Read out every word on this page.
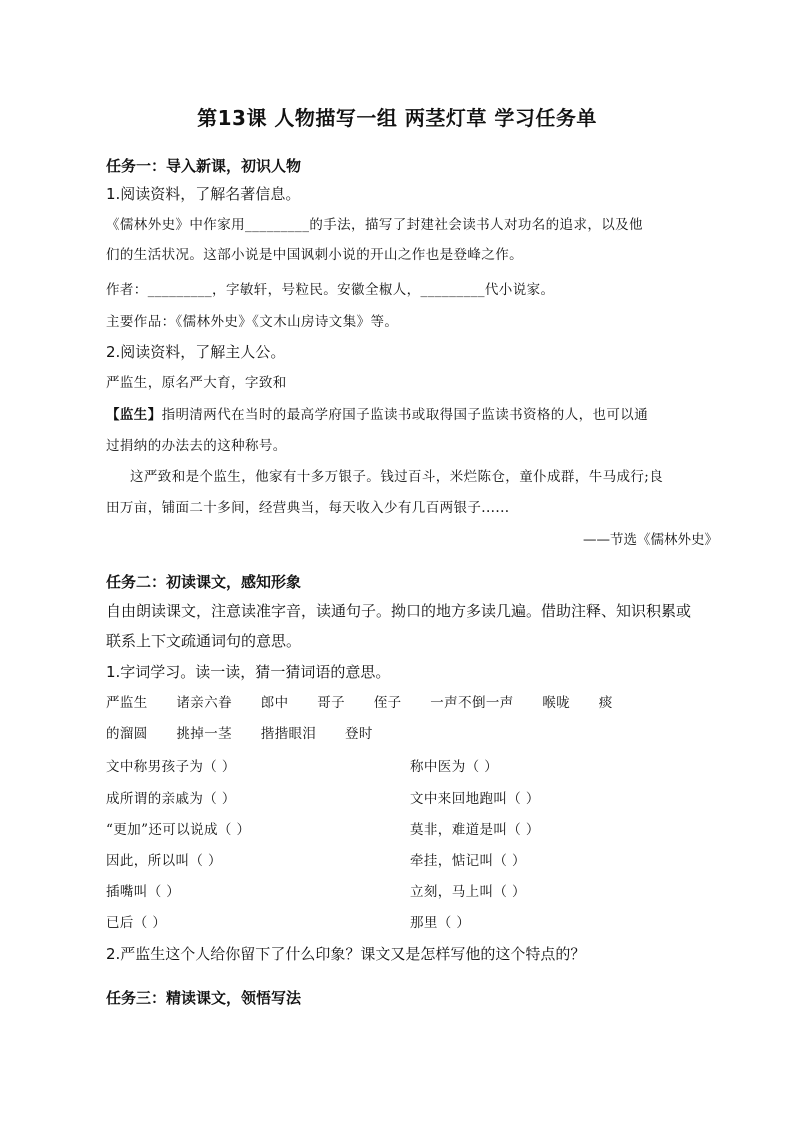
第13课 人物描写一组 两茎灯草 学习任务单
任务一：导入新课，初识人物
1.阅读资料，了解名著信息。
《儒林外史》中作家用_________的手法，描写了封建社会读书人对功名的追求，以及他
们的生活状况。这部小说是中国讽刺小说的开山之作也是登峰之作。
作者：_________，字敏轩，号粒民。安徽全椒人，_________代小说家。
主要作品：《儒林外史》《文木山房诗文集》等。
2.阅读资料，了解主人公。
严监生，原名严大育，字致和
【监生】指明清两代在当时的最高学府国子监读书或取得国子监读书资格的人，也可以通
过捐纳的办法去的这种称号。
这严致和是个监生，他家有十多万银子。钱过百斗，米烂陈仓，童仆成群，牛马成行;良
田万亩，铺面二十多间，经营典当，每天收入少有几百两银子......
——节选《儒林外史》
任务二：初读课文，感知形象
自由朗读课文，注意读准字音，读通句子。拗口的地方多读几遍。借助注释、知识积累或
联系上下文疏通词句的意思。
1.字词学习。读一读，猜一猜词语的意思。
严监生 诸亲六眷 郎中 哥子 侄子 一声不倒一声 喉咙 痰
的溜圆 挑掉一茎 揩揩眼泪 登时
文中称男孩子为（ ）
成所谓的亲戚为（ ）
“更加”还可以说成（ ）
因此，所以叫（ ）
插嘴叫（ ）
已后（ ）
称中医为（ ）
文中来回地跑叫（ ）
莫非，难道是叫（ ）
牵挂，惦记叫（ ）
立刻，马上叫（ ）
那里（ ）
2.严监生这个人给你留下了什么印象？课文又是怎样写他的这个特点的？
任务三：精读课文，领悟写法
